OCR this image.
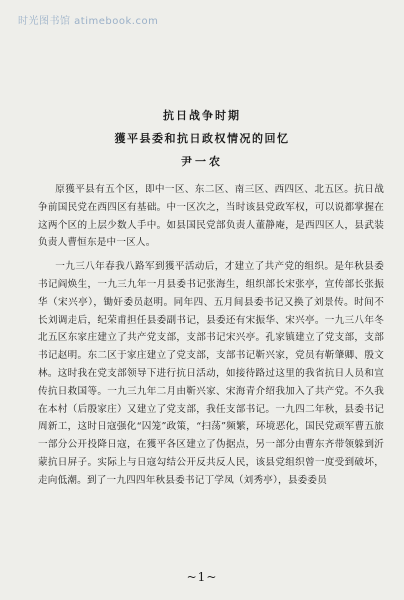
时光图书馆 atimebook.com
抗日战争时期
獲平县委和抗日政权情况的回忆
尹一农

原獲平县有五个区，即中一区、东二区、南三区、西四区、北五区。抗日战争前国民党在西四区有基础。中一区次之，当时该县党政军权，可以说都掌握在这两个区的上层少数人手中。如县国民党部负责人董静庵，是西四区人，县武装负责人曹恒东是中一区人。

一九三八年春我八路军到獲平活动后，才建立了共产党的组织。是年秋县委书记阎焕生，一九三九年一月县委书记张海生，组织部长宋张亭，宣传部长张振华（宋兴亭），锄奸委员赵明。同年四、五月间县委书记又换了刘景传。时间不长刘调走后，纪荣甫担任县委副书记，县委还有宋振华、宋兴亭。一九三八年冬北五区东家庄建立了共产党支部，支部书记宋兴亭。孔家镇建立了党支部，支部书记赵明。东二区于家庄建立了党支部，支部书记靳兴家，党员有靳肇卿、殷文林。这时我在党支部领导下进行抗日活动，如接待路过这里的我省抗日人员和宣传抗日救国等。一九三九年二月由靳兴家、宋海青介绍我加入了共产党。不久我在本村（后殷家庄）又建立了党支部，我任支部书记。一九四二年秋，县委书记周新工，这时日寇强化“囚笼”政策，“扫荡”频繁，环境恶化，国民党顽军曹五旅一部分公开投降日寇，在獲平各区建立了伪据点，另一部分由曹东齐带领躲到沂蒙抗日屏子。实际上与日寇勾结公开反共反人民，该县党组织曾一度受到破坏，走向低潮。到了一九四四年秋县委书记丁学凤（刘秀亭），县委委员

~1~
